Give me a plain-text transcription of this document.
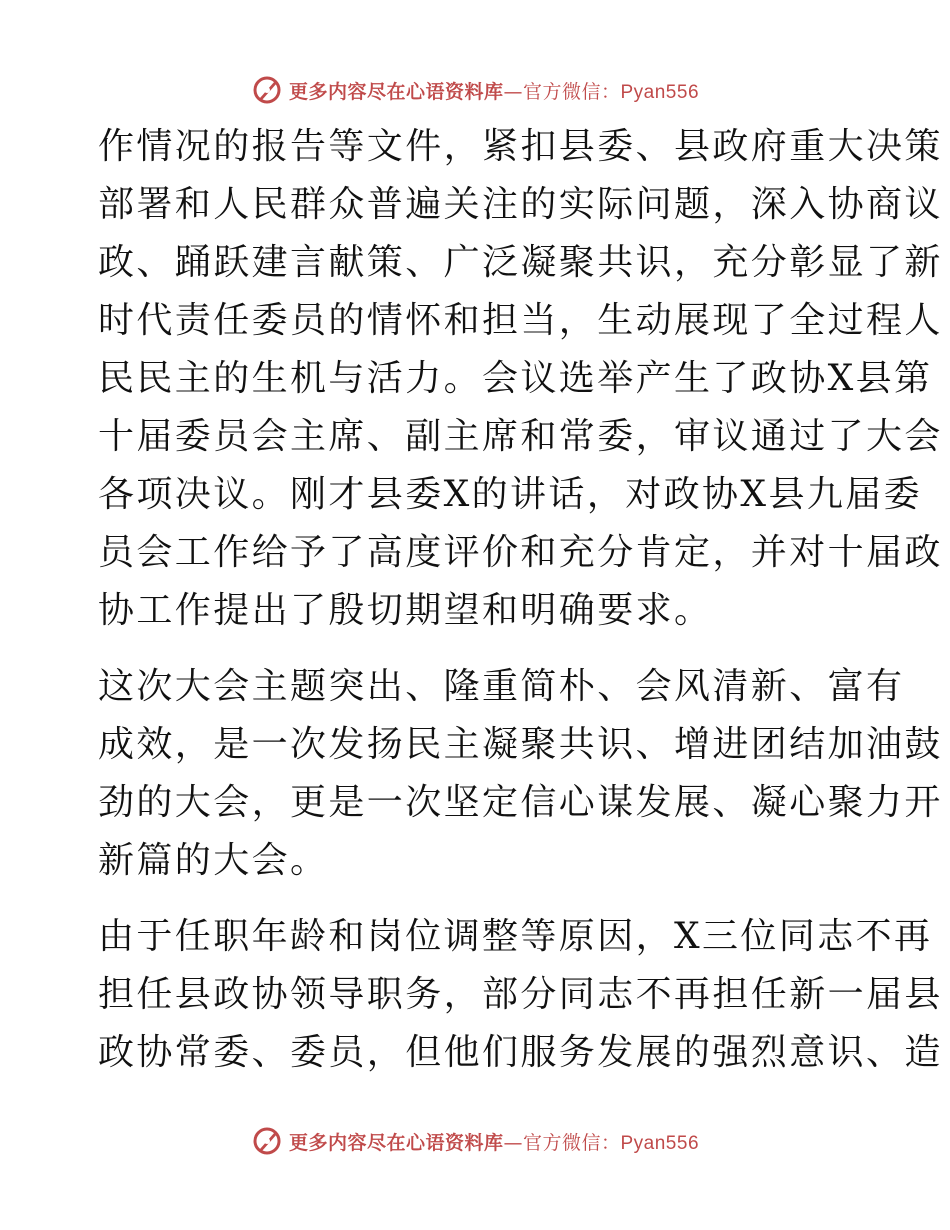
更多内容尽在心语资料库—官方微信：Pyan556
作情况的报告等文件，紧扣县委、县政府重大决策
部署和人民群众普遍关注的实际问题，深入协商议
政、踊跃建言献策、广泛凝聚共识，充分彰显了新
时代责任委员的情怀和担当，生动展现了全过程人
民民主的生机与活力。会议选举产生了政协X县第
十届委员会主席、副主席和常委，审议通过了大会
各项决议。刚才县委X的讲话，对政协X县九届委
员会工作给予了高度评价和充分肯定，并对十届政
协工作提出了殷切期望和明确要求。
这次大会主题突出、隆重简朴、会风清新、富有
成效，是一次发扬民主凝聚共识、增进团结加油鼓
劲的大会，更是一次坚定信心谋发展、凝心聚力开
新篇的大会。
由于任职年龄和岗位调整等原因，X三位同志不再
担任县政协领导职务，部分同志不再担任新一届县
政协常委、委员，但他们服务发展的强烈意识、造
更多内容尽在心语资料库—官方微信：Pyan556
